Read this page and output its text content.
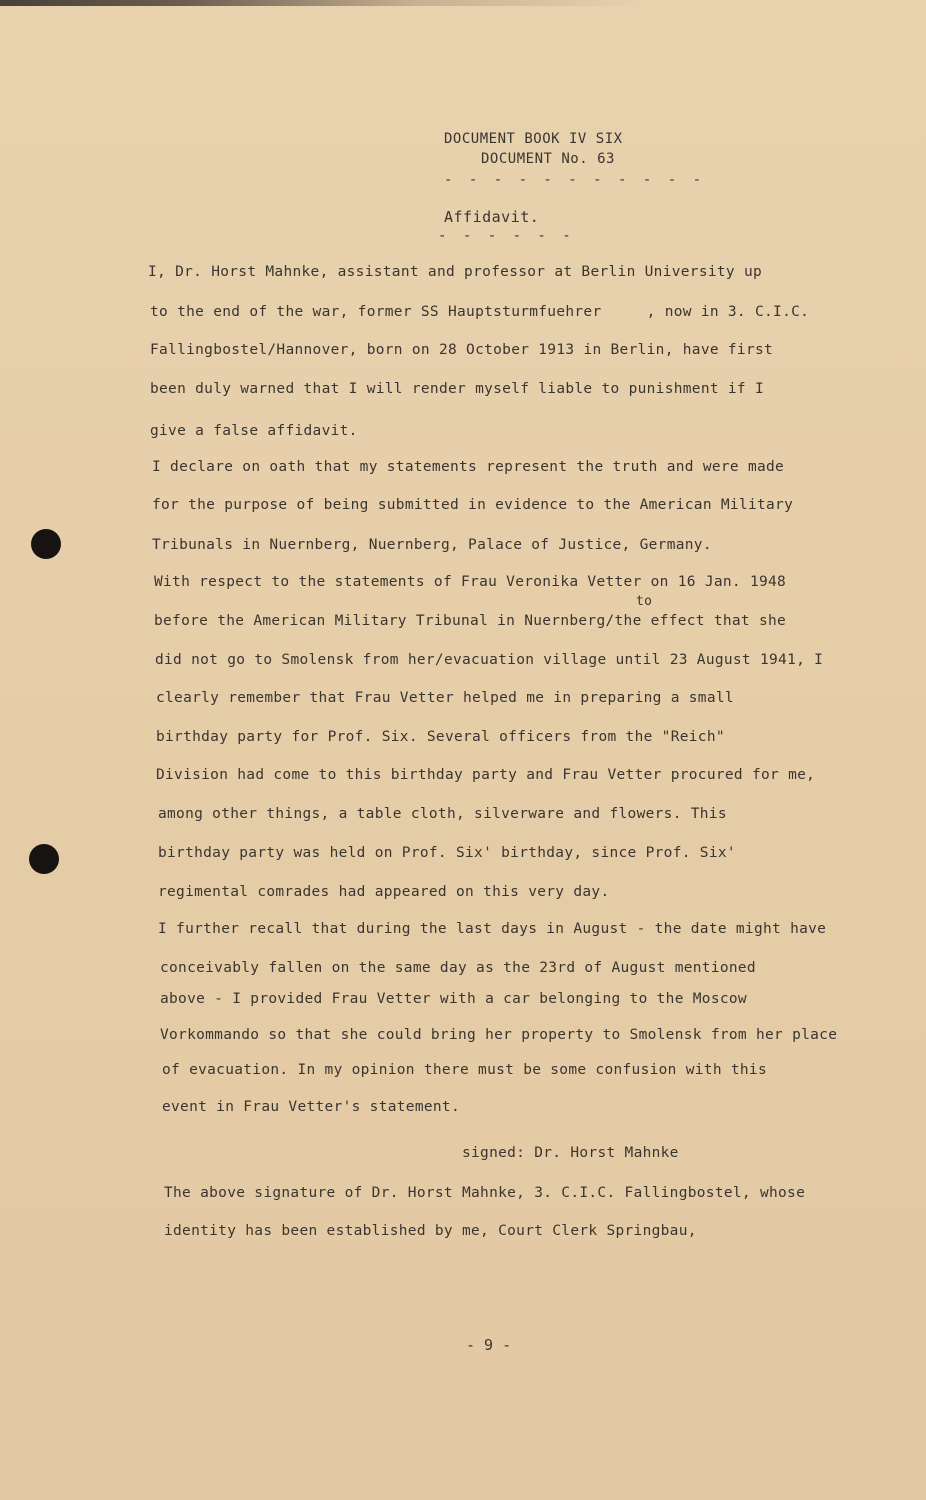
DOCUMENT BOOK IV SIX
DOCUMENT No. 63
- - - - - - - - - - -
Affidavit.
- - - - - -
I, Dr. Horst Mahnke, assistant and professor at Berlin University up
to the end of the war, former SS Hauptsturmfuehrer     , now in 3. C.I.C.
Fallingbostel/Hannover, born on 28 October 1913 in Berlin, have first
been duly warned that I will render myself liable to punishment if I
give a false affidavit.
I declare on oath that my statements represent the truth and were made
for the purpose of being submitted in evidence to the American Military
Tribunals in Nuernberg, Nuernberg, Palace of Justice, Germany.
With respect to the statements of Frau Veronika Vetter on 16 Jan. 1948
to
before the American Military Tribunal in Nuernberg/the effect that she
did not go to Smolensk from her/evacuation village until 23 August 1941, I
clearly remember that Frau Vetter helped me in preparing a small
birthday party for Prof. Six. Several officers from the "Reich"
Division had come to this birthday party and Frau Vetter procured for me,
among other things, a table cloth, silverware and flowers. This
birthday party was held on Prof. Six' birthday, since Prof. Six'
regimental comrades had appeared on this very day.
I further recall that during the last days in August - the date might have
conceivably fallen on the same day as the 23rd of August mentioned
above - I provided Frau Vetter with a car belonging to the Moscow
Vorkommando so that she could bring her property to Smolensk from her place
of evacuation. In my opinion there must be some confusion with this
event in Frau Vetter's statement.
signed: Dr. Horst Mahnke
The above signature of Dr. Horst Mahnke, 3. C.I.C. Fallingbostel, whose
identity has been established by me, Court Clerk Springbau,
- 9 -
